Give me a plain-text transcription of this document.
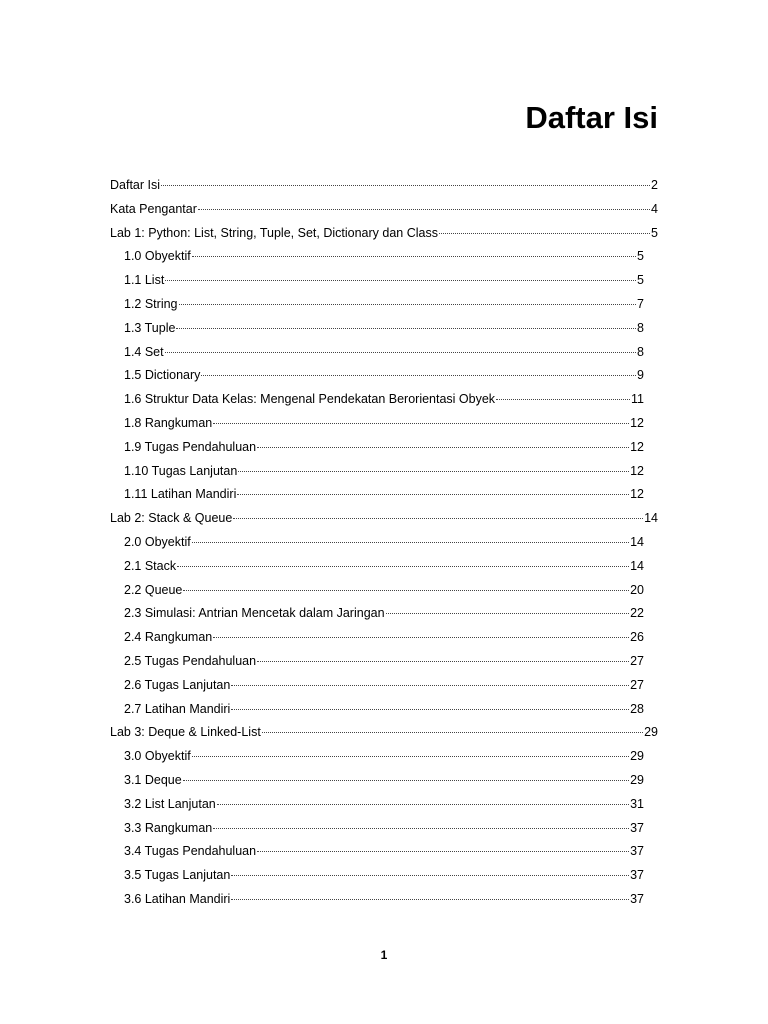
Daftar Isi
Daftar Isi	2
Kata Pengantar	4
Lab 1: Python: List, String, Tuple, Set, Dictionary dan Class	5
1.0 Obyektif	5
1.1 List	5
1.2 String	7
1.3 Tuple	8
1.4 Set	8
1.5 Dictionary	9
1.6 Struktur Data Kelas: Mengenal Pendekatan Berorientasi Obyek	11
1.8 Rangkuman	12
1.9 Tugas Pendahuluan	12
1.10 Tugas Lanjutan	12
1.11 Latihan Mandiri	12
Lab 2: Stack & Queue	14
2.0 Obyektif	14
2.1 Stack	14
2.2 Queue	20
2.3 Simulasi: Antrian Mencetak dalam Jaringan	22
2.4 Rangkuman	26
2.5 Tugas Pendahuluan	27
2.6 Tugas Lanjutan	27
2.7 Latihan Mandiri	28
Lab 3: Deque & Linked-List	29
3.0 Obyektif	29
3.1 Deque	29
3.2 List Lanjutan	31
3.3 Rangkuman	37
3.4 Tugas Pendahuluan	37
3.5 Tugas Lanjutan	37
3.6 Latihan Mandiri	37
1
